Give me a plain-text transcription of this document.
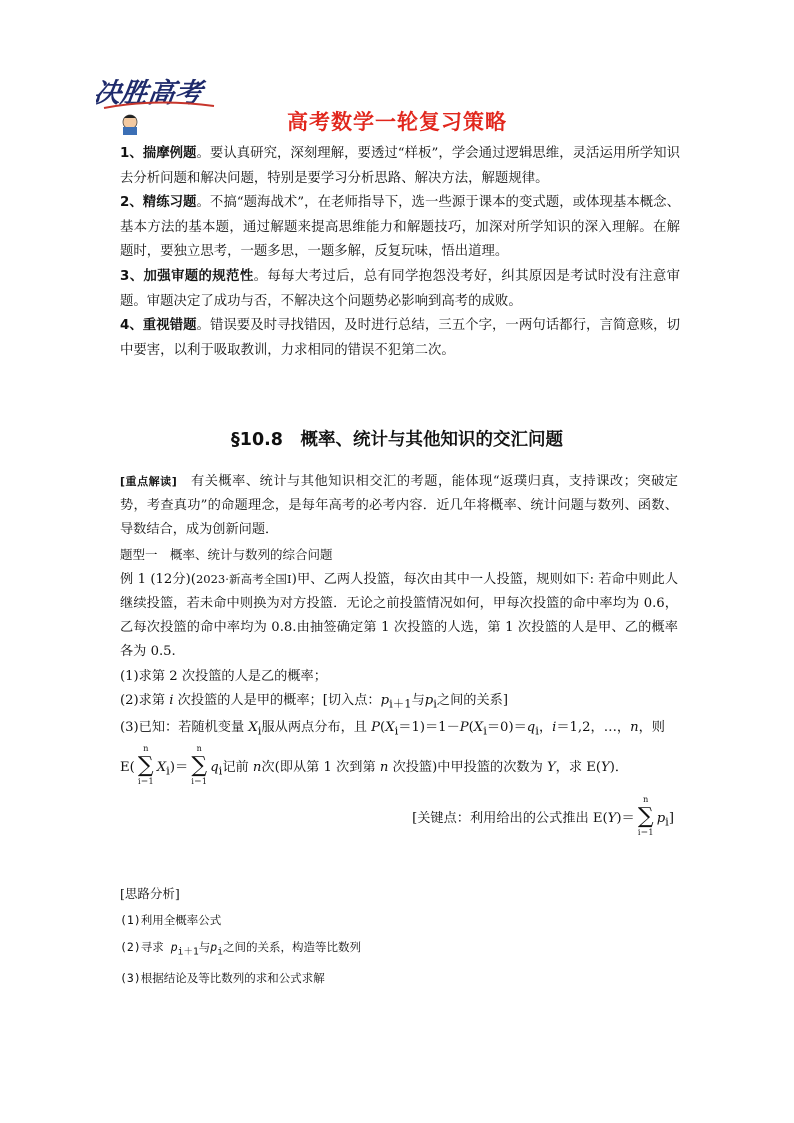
决胜高考
高考数学一轮复习策略

1、揣摩例题。要认真研究，深刻理解，要透过“样板”，学会通过逻辑思维，灵活运用所学知识去分析问题和解决问题，特别是要学习分析思路、解决方法，解题规律。

2、精练习题。不搞“题海战术”，在老师指导下，选一些源于课本的变式题，或体现基本概念、基本方法的基本题，通过解题来提高思维能力和解题技巧，加深对所学知识的深入理解。在解题时，要独立思考，一题多思，一题多解，反复玩味，悟出道理。

3、加强审题的规范性。每每大考过后，总有同学抱怨没考好，纠其原因是考试时没有注意审题。审题决定了成功与否，不解决这个问题势必影响到高考的成败。

4、重视错题。错误要及时寻找错因，及时进行总结，三五个字，一两句话都行，言简意赅，切中要害，以利于吸取教训，力求相同的错误不犯第二次。

§10.8　概率、统计与其他知识的交汇问题

[重点解读]　有关概率、统计与其他知识相交汇的考题，能体现“返璞归真，支持课改；突破定势，考查真功”的命题理念，是每年高考的必考内容．近几年将概率、统计问题与数列、函数、导数结合，成为创新问题．

题型一　概率、统计与数列的综合问题

例 1 (12分)(2023·新高考全国Ⅰ)甲、乙两人投篮，每次由其中一人投篮，规则如下: 若命中则此人继续投篮，若未命中则换为对方投篮．无论之前投篮情况如何，甲每次投篮的命中率均为 0.6，乙每次投篮的命中率均为 0.8.由抽签确定第 1 次投篮的人选，第 1 次投篮的人是甲、乙的概率各为 0.5.

(1)求第 2 次投篮的人是乙的概率；

(2)求第 i 次投篮的人是甲的概率；[切入点：$p_{i+1}$与$p_i$之间的关系]

(3)已知：若随机变量 $X_i$服从两点分布，且 $P(X_i=1)=1-P(X_i=0)=q_i$，i＝1,2，…，n，则

E(
n
∑
i＝1
$X_i)=$
n
∑
i＝1
$q_i$记前 n次(即从第 1 次到第 n 次投篮)中甲投篮的次数为 Y，求 E(Y)．

[关键点：利用给出的公式推出 E(Y)＝
n
∑
i＝1
$p_i$]

[思路分析]

(1)利用全概率公式

(2)寻求 $p_{i+1}$与$p_i$之间的关系，构造等比数列

(3)根据结论及等比数列的求和公式求解
